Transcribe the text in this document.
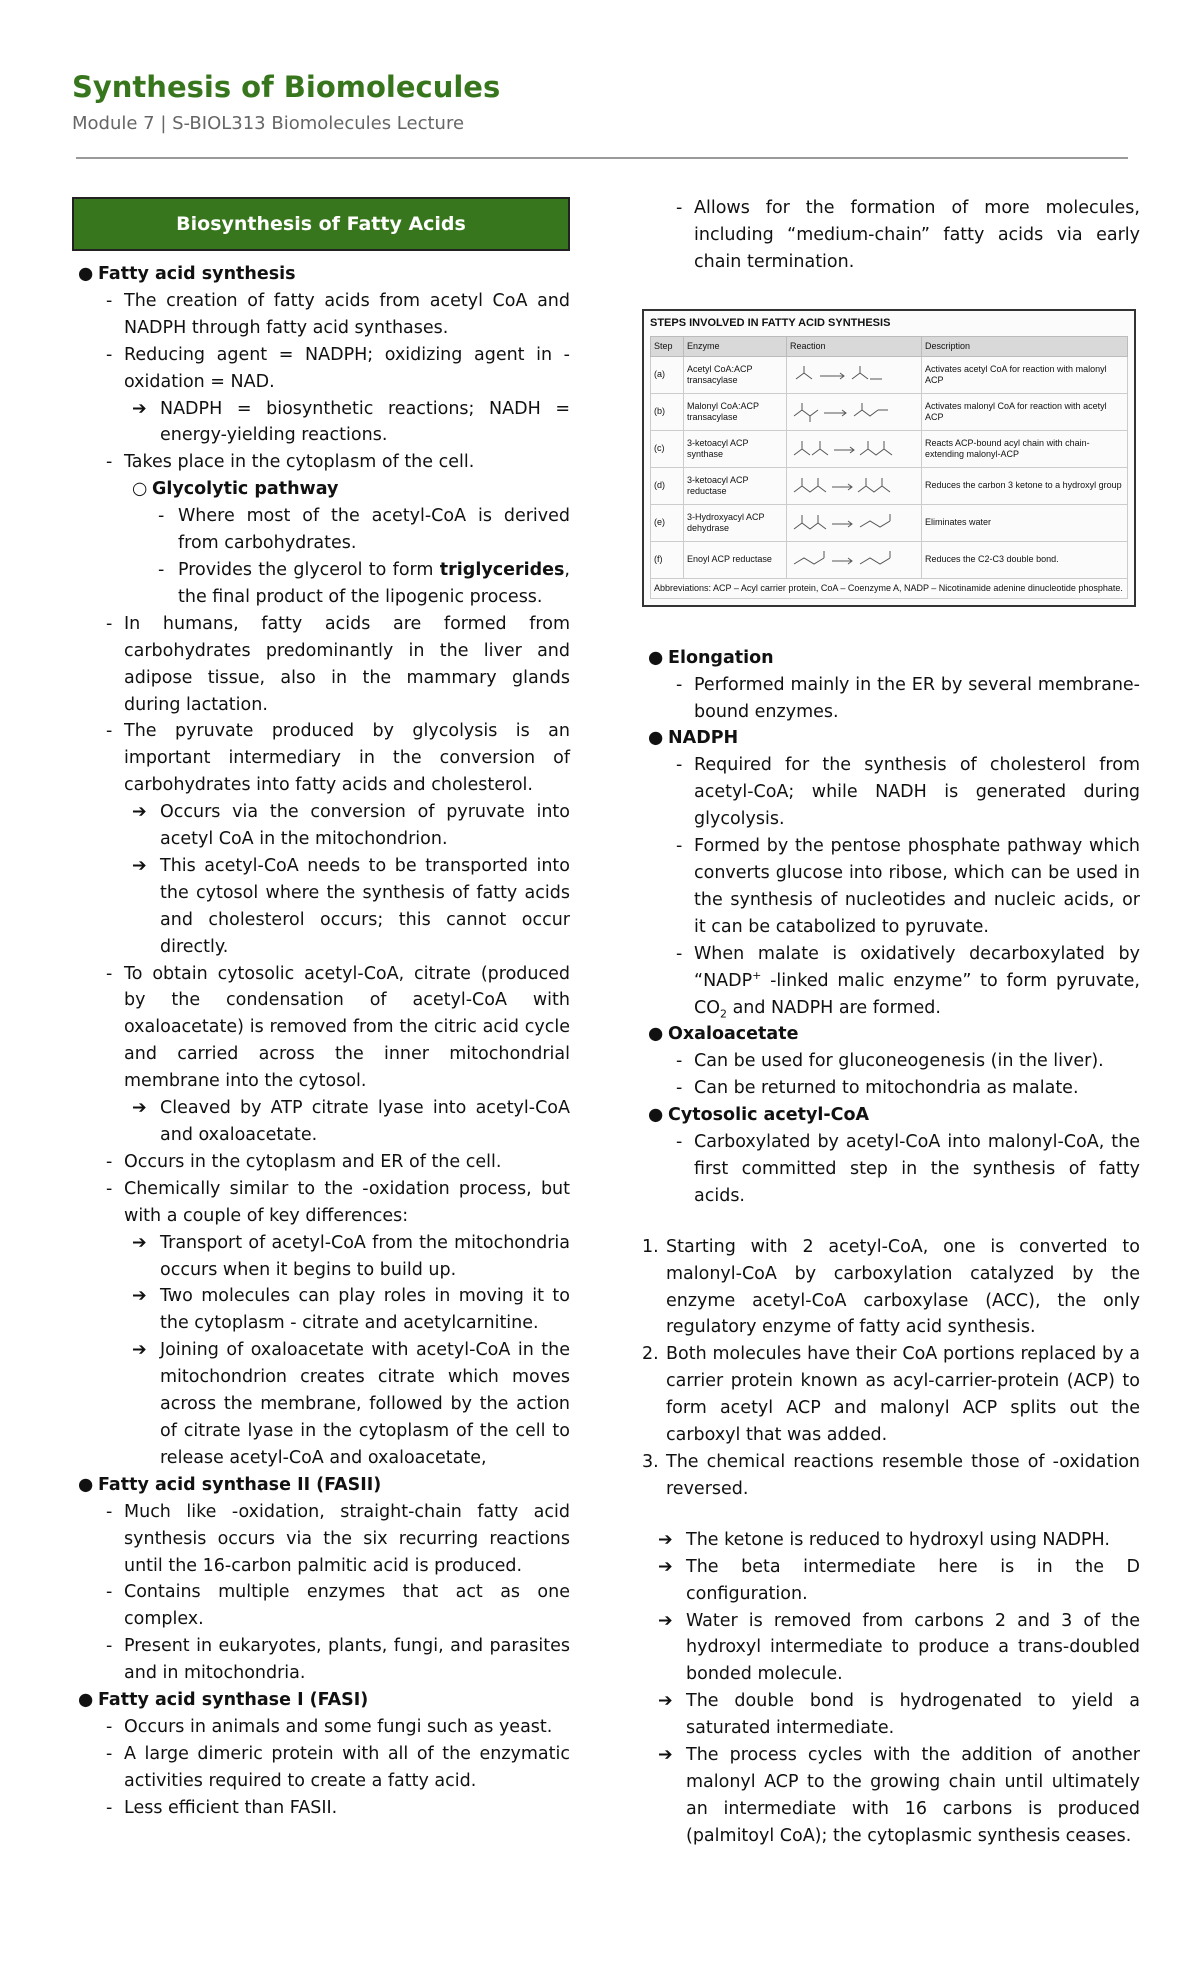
Synthesis of Biomolecules

Module 7 | S-BIOL313 Biomolecules Lecture

Biosynthesis of Fatty Acids
● Fatty acid synthesis
- The creation of fatty acids from acetyl CoA and NADPH through fatty acid synthases.
- Reducing agent = NADPH; oxidizing agent in -oxidation = NAD.
➔ NADPH = biosynthetic reactions; NADH = energy-yielding reactions.
- Takes place in the cytoplasm of the cell.
○ Glycolytic pathway
- Where most of the acetyl-CoA is derived from carbohydrates.
- Provides the glycerol to form triglycerides, the final product of the lipogenic process.
- In humans, fatty acids are formed from carbohydrates predominantly in the liver and adipose tissue, also in the mammary glands during lactation.
- The pyruvate produced by glycolysis is an important intermediary in the conversion of carbohydrates into fatty acids and cholesterol.
➔ Occurs via the conversion of pyruvate into acetyl CoA in the mitochondrion.
➔ This acetyl-CoA needs to be transported into the cytosol where the synthesis of fatty acids and cholesterol occurs; this cannot occur directly.
- To obtain cytosolic acetyl-CoA, citrate (produced by the condensation of acetyl-CoA with oxaloacetate) is removed from the citric acid cycle and carried across the inner mitochondrial membrane into the cytosol.
➔ Cleaved by ATP citrate lyase into acetyl-CoA and oxaloacetate.
- Occurs in the cytoplasm and ER of the cell.
- Chemically similar to the -oxidation process, but with a couple of key differences:
➔ Transport of acetyl-CoA from the mitochondria occurs when it begins to build up.
➔ Two molecules can play roles in moving it to the cytoplasm - citrate and acetylcarnitine.
➔ Joining of oxaloacetate with acetyl-CoA in the mitochondrion creates citrate which moves across the membrane, followed by the action of citrate lyase in the cytoplasm of the cell to release acetyl-CoA and oxaloacetate,
● Fatty acid synthase II (FASII)
- Much like -oxidation, straight-chain fatty acid synthesis occurs via the six recurring reactions until the 16-carbon palmitic acid is produced.
- Contains multiple enzymes that act as one complex.
- Present in eukaryotes, plants, fungi, and parasites and in mitochondria.
● Fatty acid synthase I (FASI)
- Occurs in animals and some fungi such as yeast.
- A large dimeric protein with all of the enzymatic activities required to create a fatty acid.
- Less efficient than FASII.
- Allows for the formation of more molecules, including “medium-chain” fatty acids via early chain termination.
STEPS INVOLVED IN FATTY ACID SYNTHESIS
Step	Enzyme	Reaction	Description
(a)	Acetyl CoA:ACP transacylase		Activates acetyl CoA for reaction with malonyl ACP
(b)	Malonyl CoA:ACP transacylase		Activates malonyl CoA for reaction with acetyl ACP
(c)	3-ketoacyl ACP synthase		Reacts ACP-bound acyl chain with chain-extending malonyl-ACP
(d)	3-ketoacyl ACP reductase		Reduces the carbon 3 ketone to a hydroxyl group
(e)	3-Hydroxyacyl ACP dehydrase		Eliminates water
(f)	Enoyl ACP reductase		Reduces the C2-C3 double bond.
Abbreviations: ACP – Acyl carrier protein, CoA – Coenzyme A, NADP – Nicotinamide adenine dinucleotide phosphate.			
● Elongation
- Performed mainly in the ER by several membrane-bound enzymes.
● NADPH
- Required for the synthesis of cholesterol from acetyl-CoA; while NADH is generated during glycolysis.
- Formed by the pentose phosphate pathway which converts glucose into ribose, which can be used in the synthesis of nucleotides and nucleic acids, or it can be catabolized to pyruvate.
- When malate is oxidatively decarboxylated by “NADP+ -linked malic enzyme” to form pyruvate, $CO_2$ and NADPH are formed.
● Oxaloacetate
- Can be used for gluconeogenesis (in the liver).
- Can be returned to mitochondria as malate.
● Cytosolic acetyl-CoA
- Carboxylated by acetyl-CoA into malonyl-CoA, the first committed step in the synthesis of fatty acids.
1. Starting with 2 acetyl-CoA, one is converted to malonyl-CoA by carboxylation catalyzed by the enzyme acetyl-CoA carboxylase (ACC), the only regulatory enzyme of fatty acid synthesis.
2. Both molecules have their CoA portions replaced by a carrier protein known as acyl-carrier-protein (ACP) to form acetyl ACP and malonyl ACP splits out the carboxyl that was added.
3. The chemical reactions resemble those of -oxidation reversed.
➔ The ketone is reduced to hydroxyl using NADPH.
➔ The beta intermediate here is in the D configuration.
➔ Water is removed from carbons 2 and 3 of the hydroxyl intermediate to produce a trans-doubled bonded molecule.
➔ The double bond is hydrogenated to yield a saturated intermediate.
➔ The process cycles with the addition of another malonyl ACP to the growing chain until ultimately an intermediate with 16 carbons is produced (palmitoyl CoA); the cytoplasmic synthesis ceases.
